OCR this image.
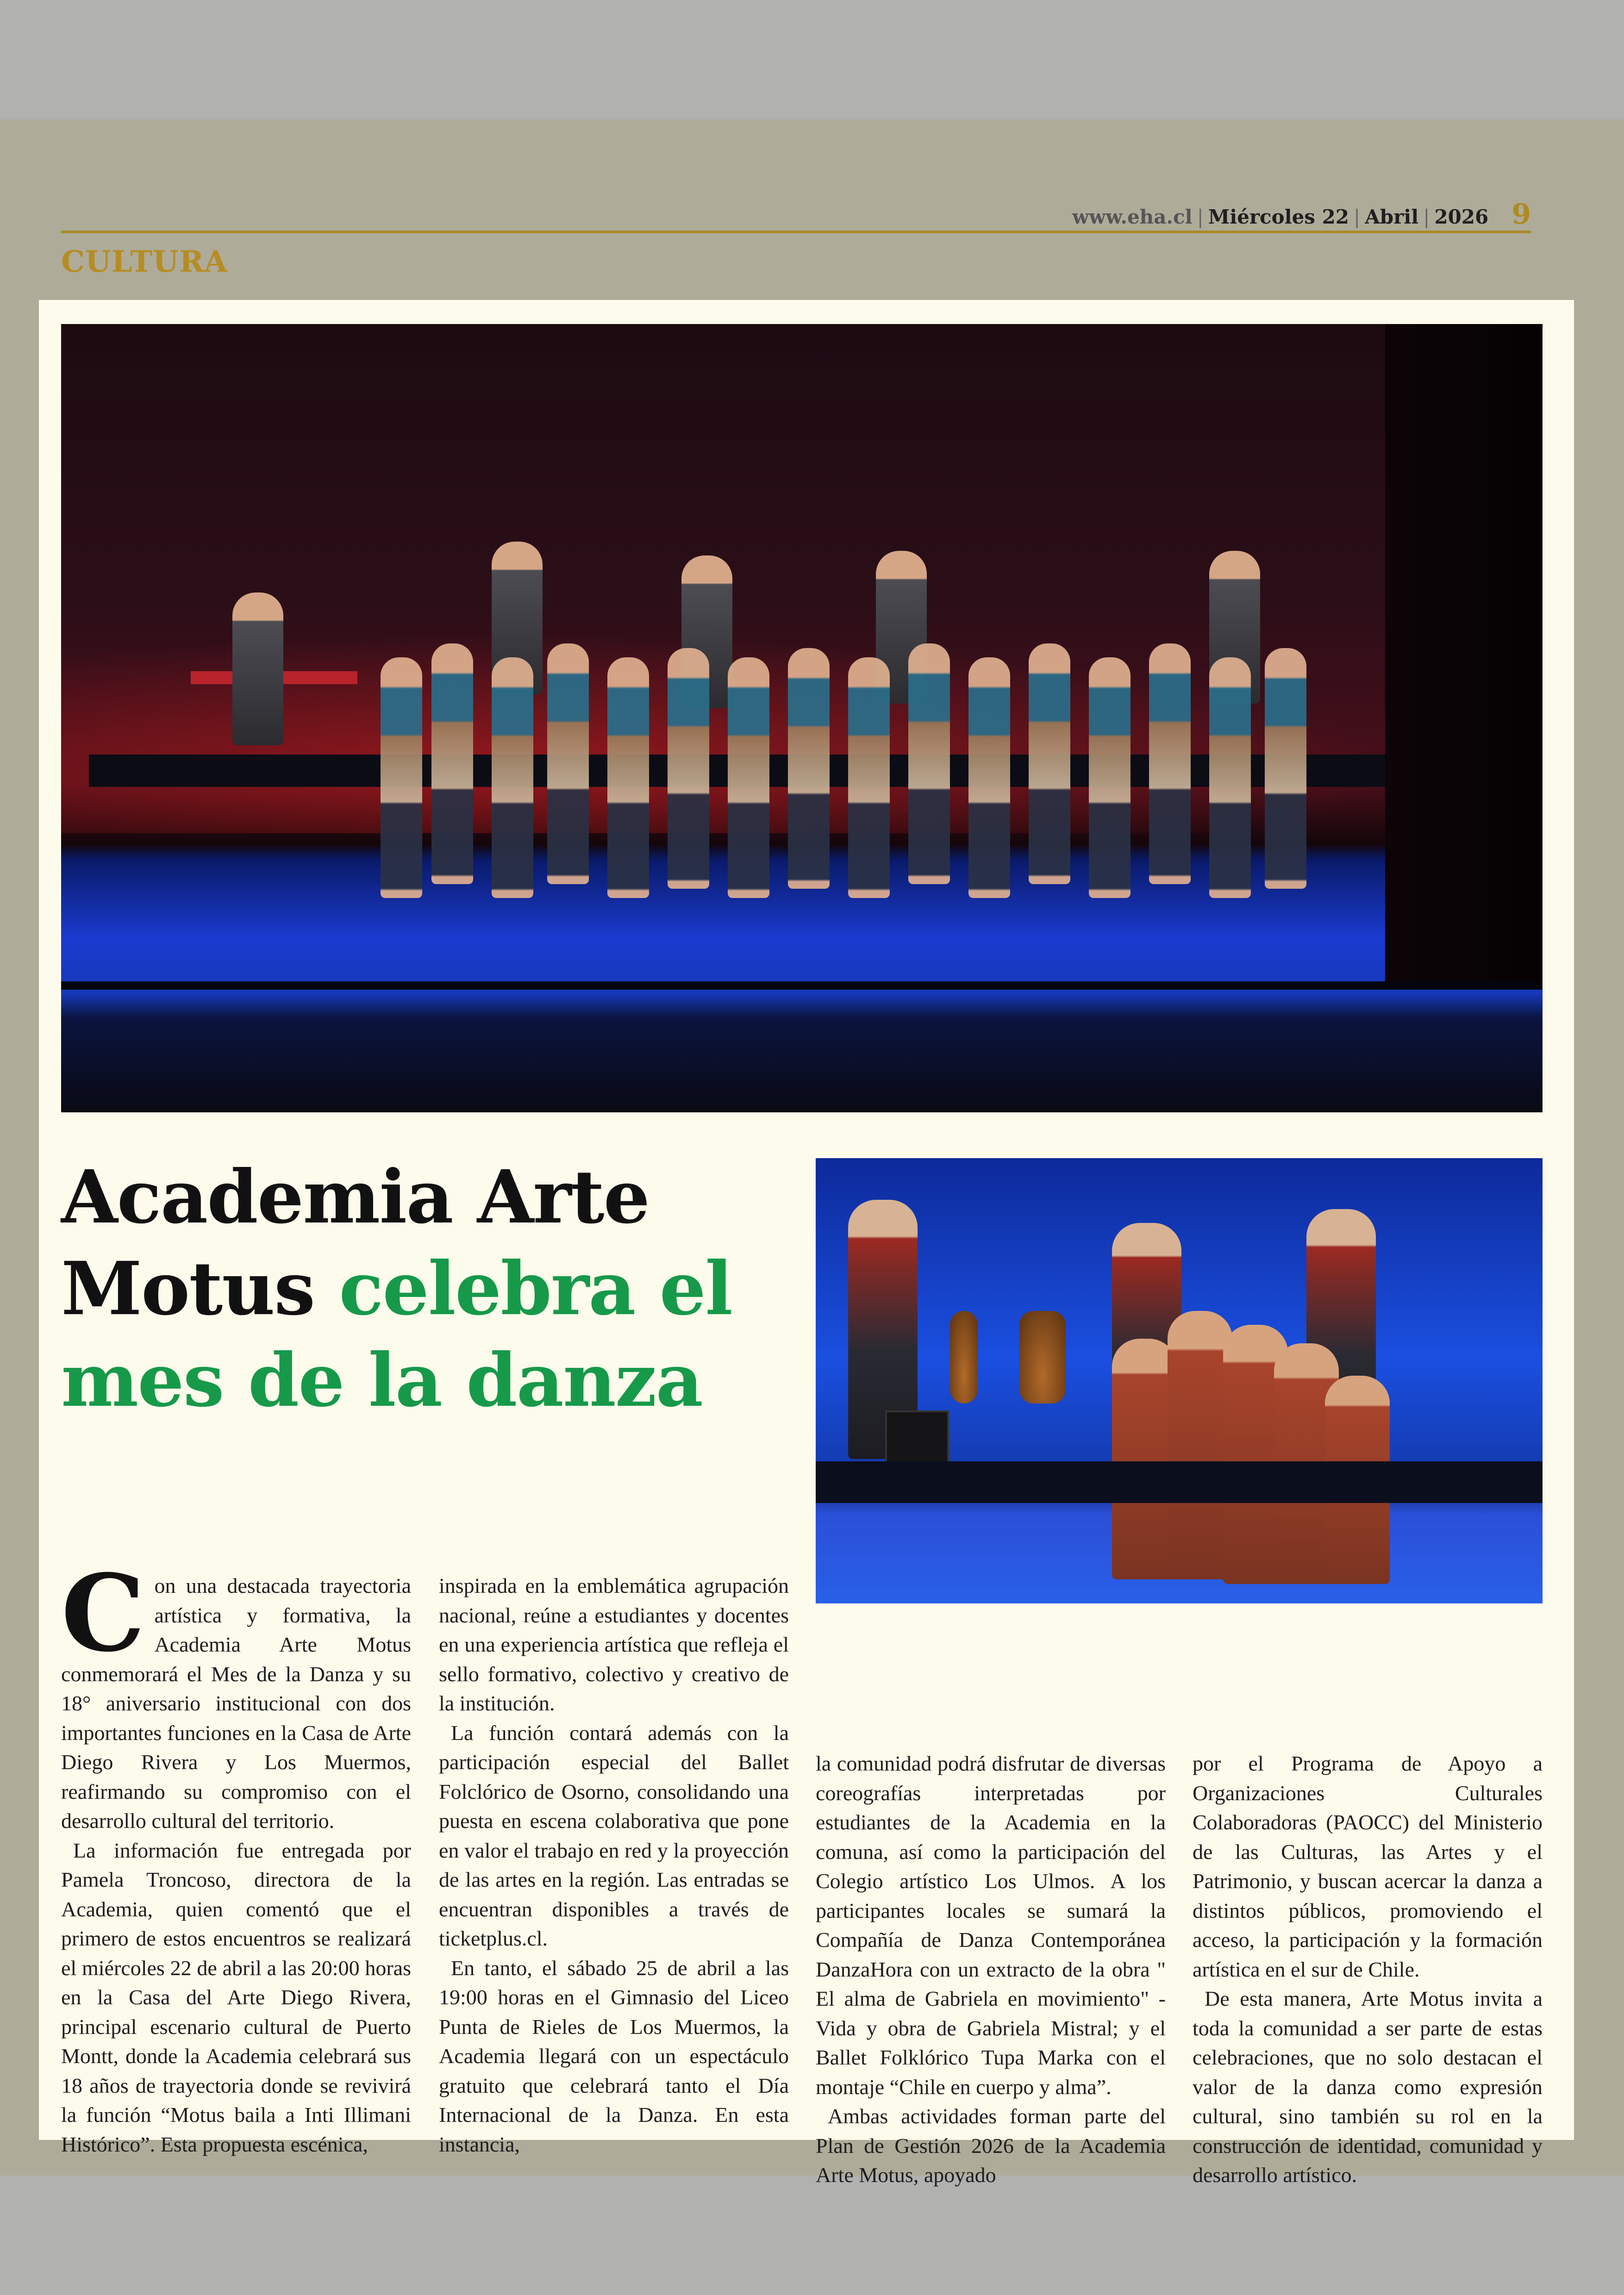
www.eha.cl | Miércoles 22 | Abril | 2026 9
CULTURA
Academia Arte Motus celebra el mes de la danza

Con una destacada trayectoria artística y formativa, la Academia Arte Motus conmemorará el Mes de la Danza y su 18° aniversario institucional con dos importantes funciones en la Casa de Arte Diego Rivera y Los Muermos, reafirmando su compromiso con el desarrollo cultural del territorio.

La información fue entregada por Pamela Troncoso, directora de la Academia, quien comentó que el primero de estos encuentros se realizará el miércoles 22 de abril a las 20:00 horas en la Casa del Arte Diego Rivera, principal escenario cultural de Puerto Montt, donde la Academia celebrará sus 18 años de trayectoria donde se revivirá la función “Motus baila a Inti Illimani Histórico”. Esta propuesta escénica,

inspirada en la emblemática agrupación nacional, reúne a estudiantes y docentes en una experiencia artística que refleja el sello formativo, colectivo y creativo de la institución.

La función contará además con la participación especial del Ballet Folclórico de Osorno, consolidando una puesta en escena colaborativa que pone en valor el trabajo en red y la proyección de las artes en la región. Las entradas se encuentran disponibles a través de ticketplus.cl.

En tanto, el sábado 25 de abril a las 19:00 horas en el Gimnasio del Liceo Punta de Rieles de Los Muermos, la Academia llegará con un espectáculo gratuito que celebrará tanto el Día Internacional de la Danza. En esta instancia,

la comunidad podrá disfrutar de diversas coreografías interpretadas por estudiantes de la Academia en la comuna, así como la participación del Colegio artístico Los Ulmos. A los participantes locales se sumará la Compañía de Danza Contemporánea DanzaHora con un extracto de la obra " El alma de Gabriela en movimiento" - Vida y obra de Gabriela Mistral; y el Ballet Folklórico Tupa Marka con el montaje “Chile en cuerpo y alma”.

Ambas actividades forman parte del Plan de Gestión 2026 de la Academia Arte Motus, apoyado

por el Programa de Apoyo a Organizaciones Culturales Colaboradoras (PAOCC) del Ministerio de las Culturas, las Artes y el Patrimonio, y buscan acercar la danza a distintos públicos, promoviendo el acceso, la participación y la formación artística en el sur de Chile.

De esta manera, Arte Motus invita a toda la comunidad a ser parte de estas celebraciones, que no solo destacan el valor de la danza como expresión cultural, sino también su rol en la construcción de identidad, comunidad y desarrollo artístico.
